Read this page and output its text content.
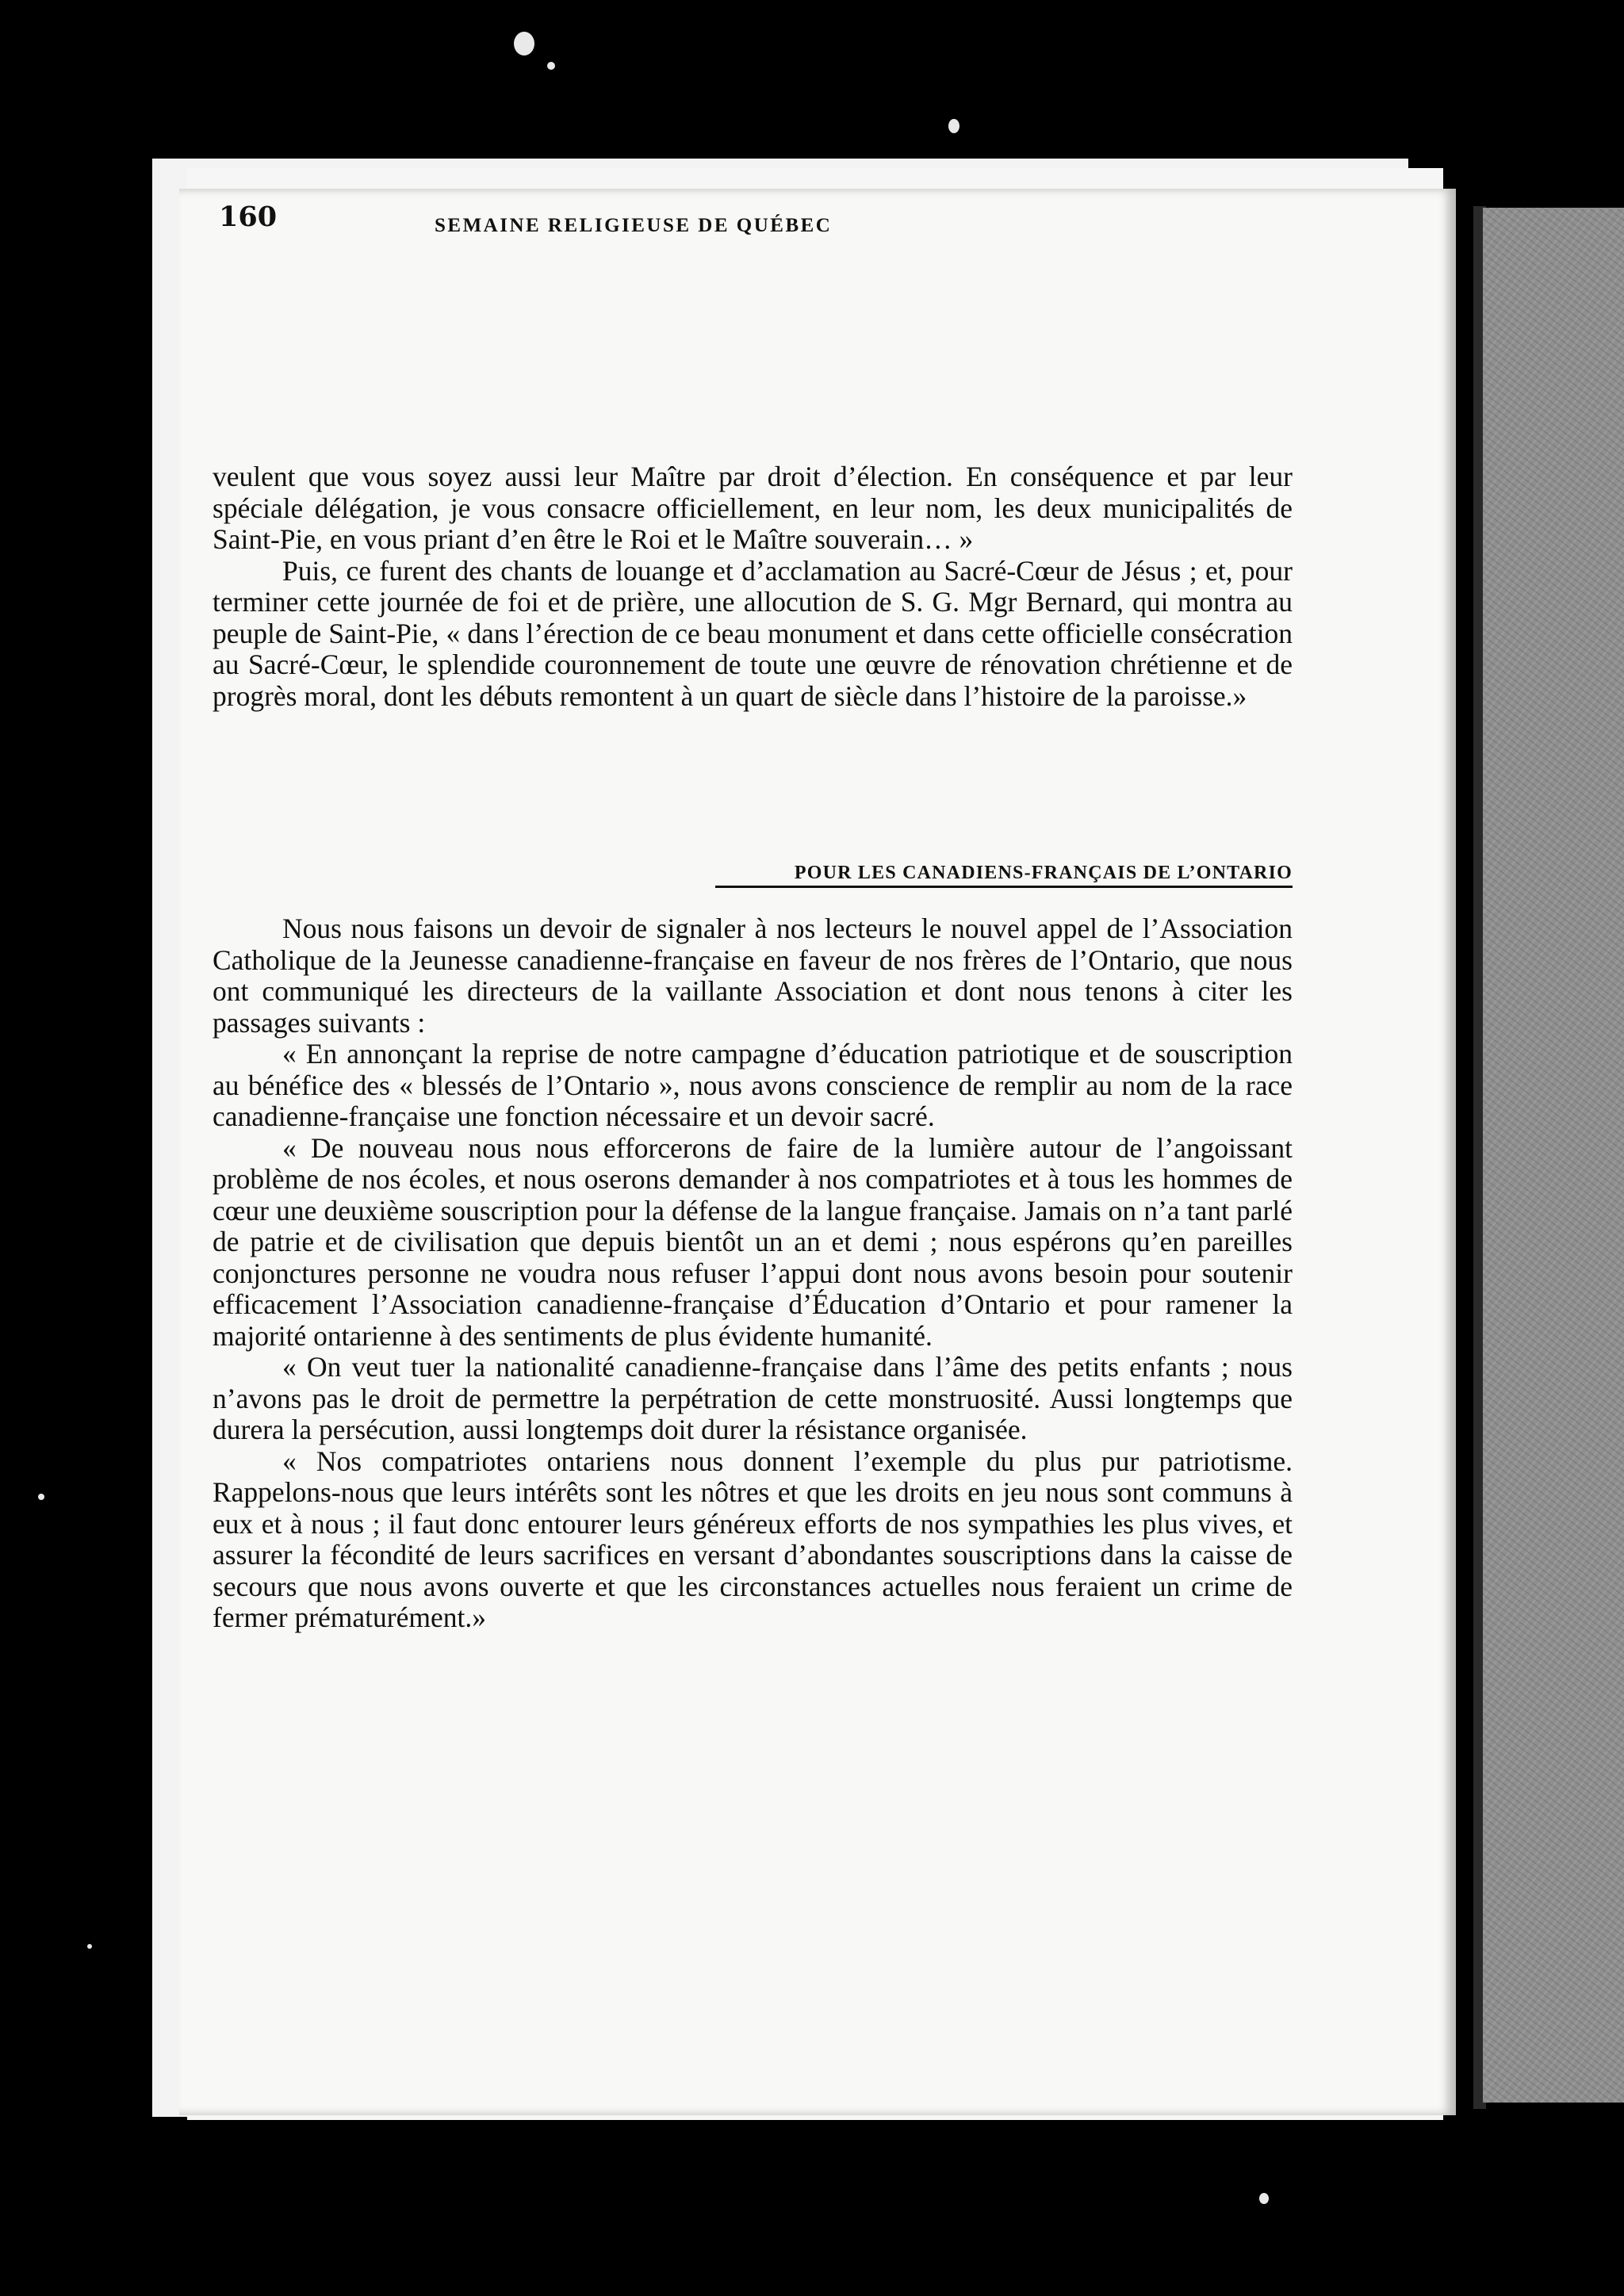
160	SEMAINE RELIGIEUSE DE QUÉBEC

veulent que vous soyez aussi leur Maître par droit d’élection. En conséquence et par leur spéciale délégation, je vous consacre officiellement, en leur nom, les deux municipalités de Saint-Pie, en vous priant d’en être le Roi et le Maître souverain… »

Puis, ce furent des chants de louange et d’acclamation au Sacré-Cœur de Jésus ; et, pour terminer cette journée de foi et de prière, une allocution de S. G. Mgr Bernard, qui montra au peuple de Saint-Pie, « dans l’érection de ce beau monument et dans cette officielle consécration au Sacré-Cœur, le splendide couronnement de toute une œuvre de rénovation chrétienne et de progrès moral, dont les débuts remontent à un quart de siècle dans l’histoire de la paroisse.»

POUR LES CANADIENS-FRANÇAIS DE L’ONTARIO

Nous nous faisons un devoir de signaler à nos lecteurs le nouvel appel de l’Association Catholique de la Jeunesse canadienne-française en faveur de nos frères de l’Ontario, que nous ont communiqué les directeurs de la vaillante Association et dont nous tenons à citer les passages suivants :

« En annonçant la reprise de notre campagne d’éducation patriotique et de souscription au bénéfice des « blessés de l’Ontario », nous avons conscience de remplir au nom de la race canadienne-française une fonction nécessaire et un devoir sacré.

« De nouveau nous nous efforcerons de faire de la lumière autour de l’angoissant problème de nos écoles, et nous oserons demander à nos compatriotes et à tous les hommes de cœur une deuxième souscription pour la défense de la langue française. Jamais on n’a tant parlé de patrie et de civilisation que depuis bientôt un an et demi ; nous espérons qu’en pareilles conjonctures personne ne voudra nous refuser l’appui dont nous avons besoin pour soutenir efficacement l’Association canadienne-française d’Éducation d’Ontario et pour ramener la majorité ontarienne à des sentiments de plus évidente humanité.

« On veut tuer la nationalité canadienne-française dans l’âme des petits enfants ; nous n’avons pas le droit de permettre la perpétration de cette monstruosité. Aussi longtemps que durera la persécution, aussi longtemps doit durer la résistance organisée.

« Nos compatriotes ontariens nous donnent l’exemple du plus pur patriotisme. Rappelons-nous que leurs intérêts sont les nôtres et que les droits en jeu nous sont communs à eux et à nous ; il faut donc entourer leurs généreux efforts de nos sympathies les plus vives, et assurer la fécondité de leurs sacrifices en versant d’abondantes souscriptions dans la caisse de secours que nous avons ouverte et que les circonstances actuelles nous feraient un crime de fermer prématurément.»
